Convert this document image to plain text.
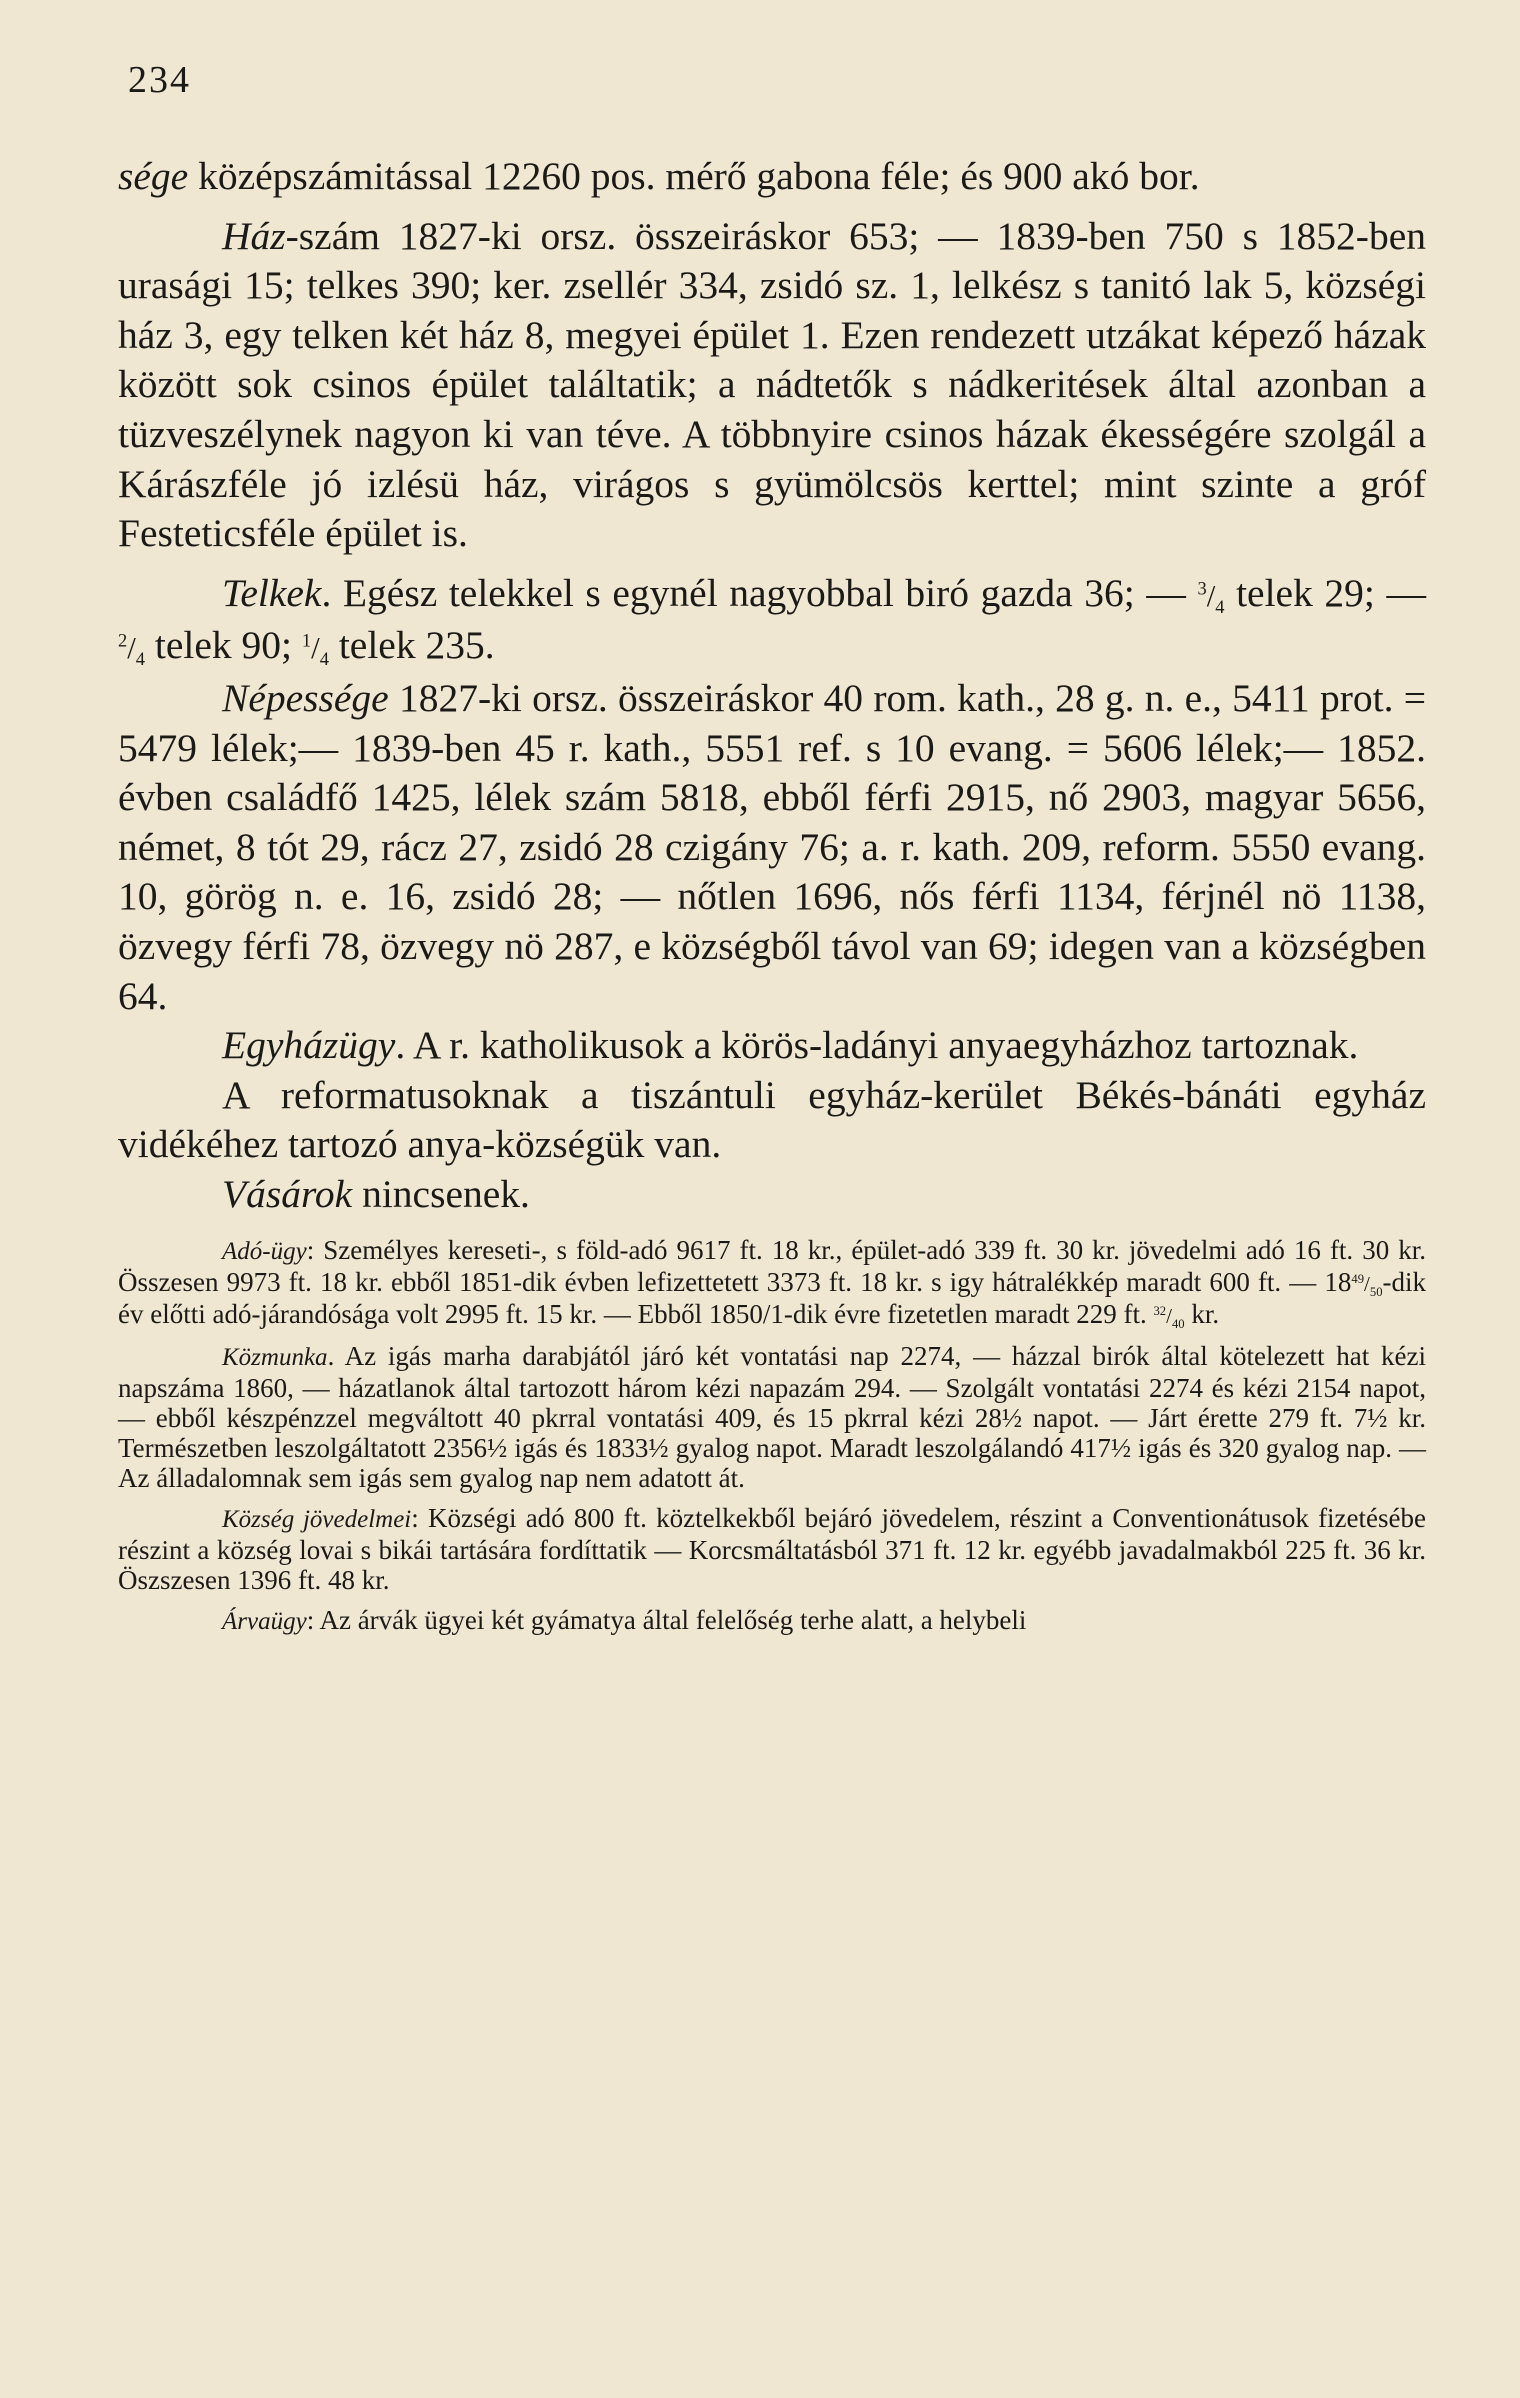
234

sége középszámitással 12260 pos. mérő gabona féle; és 900 akó bor.

Ház-szám 1827-ki orsz. összeiráskor 653; — 1839-ben 750 s 1852-ben urasági 15; telkes 390; ker. zsellér 334, zsidó sz. 1, lelkész s tanitó lak 5, községi ház 3, egy telken két ház 8, megyei épület 1. Ezen rendezett utzákat képező házak között sok csinos épület találtatik; a nádtetők s nádkeritések által azonban a tüzveszélynek nagyon ki van téve. A többnyire csinos házak ékességére szolgál a Kárászféle jó izlésü ház, virágos s gyümölcsös kerttel; mint szinte a gróf Festeticsféle épület is.

Telkek. Egész telekkel s egynél nagyobbal biró gazda 36; — $^3/_4$ telek 29; — $^2/_4$ telek 90; $^1/_4$ telek 235.

Népessége 1827-ki orsz. összeiráskor 40 rom. kath., 28 g. n. e., 5411 prot. = 5479 lélek;— 1839-ben 45 r. kath., 5551 ref. s 10 evang. = 5606 lélek;— 1852. évben családfő 1425, lélek szám 5818, ebből férfi 2915, nő 2903, magyar 5656, német, 8 tót 29, rácz 27, zsidó 28 czigány 76; a. r. kath. 209, reform. 5550 evang. 10, görög n. e. 16, zsidó 28; — nőtlen 1696, nős férfi 1134, férjnél nö 1138, özvegy férfi 78, özvegy nö 287, e községből távol van 69; idegen van a községben 64.

Egyházügy. A r. katholikusok a körös-ladányi anyaegyházhoz tartoznak.

A reformatusoknak a tiszántuli egyház-kerület Békés-bánáti egyház vidékéhez tartozó anya-községük van.

Vásárok nincsenek.

Adó-ügy: Személyes kereseti-, s föld-adó 9617 ft. 18 kr., épület-adó 339 ft. 30 kr. jövedelmi adó 16 ft. 30 kr. Összesen 9973 ft. 18 kr. ebből 1851-dik évben lefizettetett 3373 ft. 18 kr. s igy hátralékkép maradt 600 ft. — $18^{49}/_{50}$-dik év előtti adó-járandósága volt 2995 ft. 15 kr. — Ebből 1850/1-dik évre fizetetlen maradt 229 ft. $^{32}/_{40}$ kr.

Közmunka. Az igás marha darabjától járó két vontatási nap 2274, — házzal birók által kötelezett hat kézi napszáma 1860, — házatlanok által tartozott három kézi napazám 294. — Szolgált vontatási 2274 és kézi 2154 napot, — ebből készpénzzel megváltott 40 pkrral vontatási 409, és 15 pkrral kézi 28½ napot. — Járt érette 279 ft. 7½ kr. Természetben leszolgáltatott 2356½ igás és 1833½ gyalog napot. Maradt leszolgálandó 417½ igás és 320 gyalog nap. — Az álladalomnak sem igás sem gyalog nap nem adatott át.

Község jövedelmei: Községi adó 800 ft. köztelkekből bejáró jövedelem, részint a Conventionátusok fizetésébe részint a község lovai s bikái tartására fordíttatik — Korcsmáltatásból 371 ft. 12 kr. egyébb javadalmakból 225 ft. 36 kr. Öszszesen 1396 ft. 48 kr.

Árvaügy: Az árvák ügyei két gyámatya által felelőség terhe alatt, a helybeli
